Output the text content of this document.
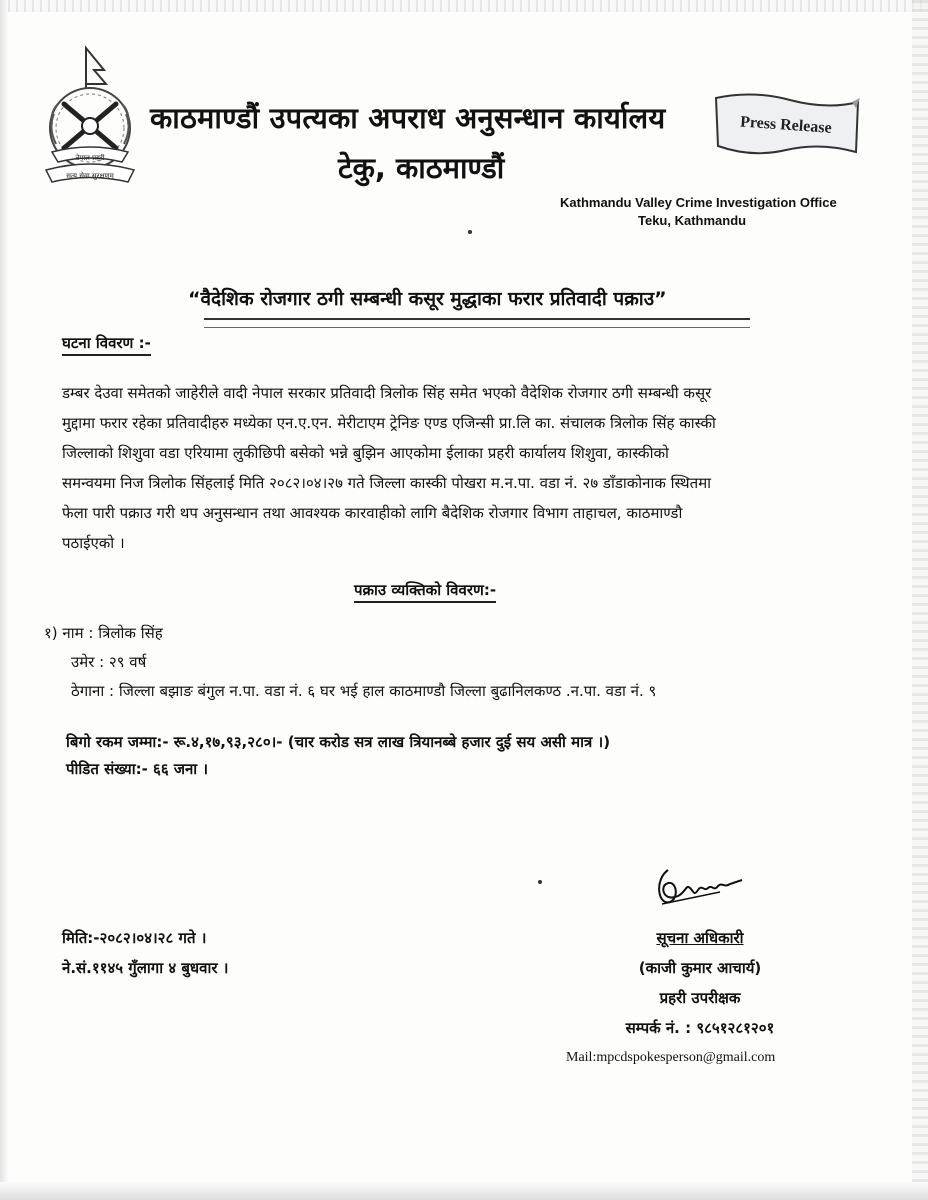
नेपाल प्रहरी
सत्य सेवा सुरक्षणम्
काठमाण्डौं उपत्यका अपराध अनुसन्धान कार्यालय
टेकु, काठमाण्डौं
Press Release
Kathmandu Valley Crime Investigation Office
Teku, Kathmandu
“वैदेशिक रोजगार ठगी सम्बन्धी कसूर मुद्धाका फरार प्रतिवादी पक्राउ”
घटना विवरण :-
डम्बर देउवा समेतको जाहेरीले वादी नेपाल सरकार प्रतिवादी त्रिलोक सिंह समेत भएको वैदेशिक रोजगार ठगी सम्बन्धी कसूर
मुद्दामा फरार रहेका प्रतिवादीहरु मध्येका एन.ए.एन. मेरीटाएम ट्रेनिङ एण्ड एजिन्सी प्रा.लि का. संचालक त्रिलोक सिंह कास्की
जिल्लाको शिशुवा वडा एरियामा लुकीछिपी बसेको भन्ने बुझिन आएकोमा ईलाका प्रहरी कार्यालय शिशुवा, कास्कीको
समन्वयमा निज त्रिलोक सिंहलाई मिति २०८२।०४।२७ गते जिल्ला कास्की पोखरा म.न.पा. वडा नं. २७ डाँडाकोनाक स्थितमा
फेला पारी पक्राउ गरी थप अनुसन्धान तथा आवश्यक कारवाहीको लागि बैदेशिक रोजगार विभाग ताहाचल, काठमाण्डौ
पठाईएको ।
पक्राउ व्यक्तिको विवरण:-
१) नाम : त्रिलोक सिंह
उमेर : २९ वर्ष
ठेगाना : जिल्ला बझाङ बंगुल न.पा. वडा नं. ६ घर भई हाल काठमाण्डौ जिल्ला बुढानिलकण्ठ .न.पा. वडा नं. ९
बिगो रकम जम्मा:- रू.४,१७,९३,२८०।- (चार करोड सत्र लाख त्रियानब्बे हजार दुई सय असी मात्र ।)
पीडित संख्या:- ६६ जना ।
मिति:-२०८२।०४।२८ गते ।
ने.सं.११४५ गुँलागा ४ बुधवार ।
सूचना अधिकारी
(काजी कुमार आचार्य)
प्रहरी उपरीक्षक
सम्पर्क नं. : ९८५१२८१२०१
Mail:mpcdspokesperson@gmail.com
